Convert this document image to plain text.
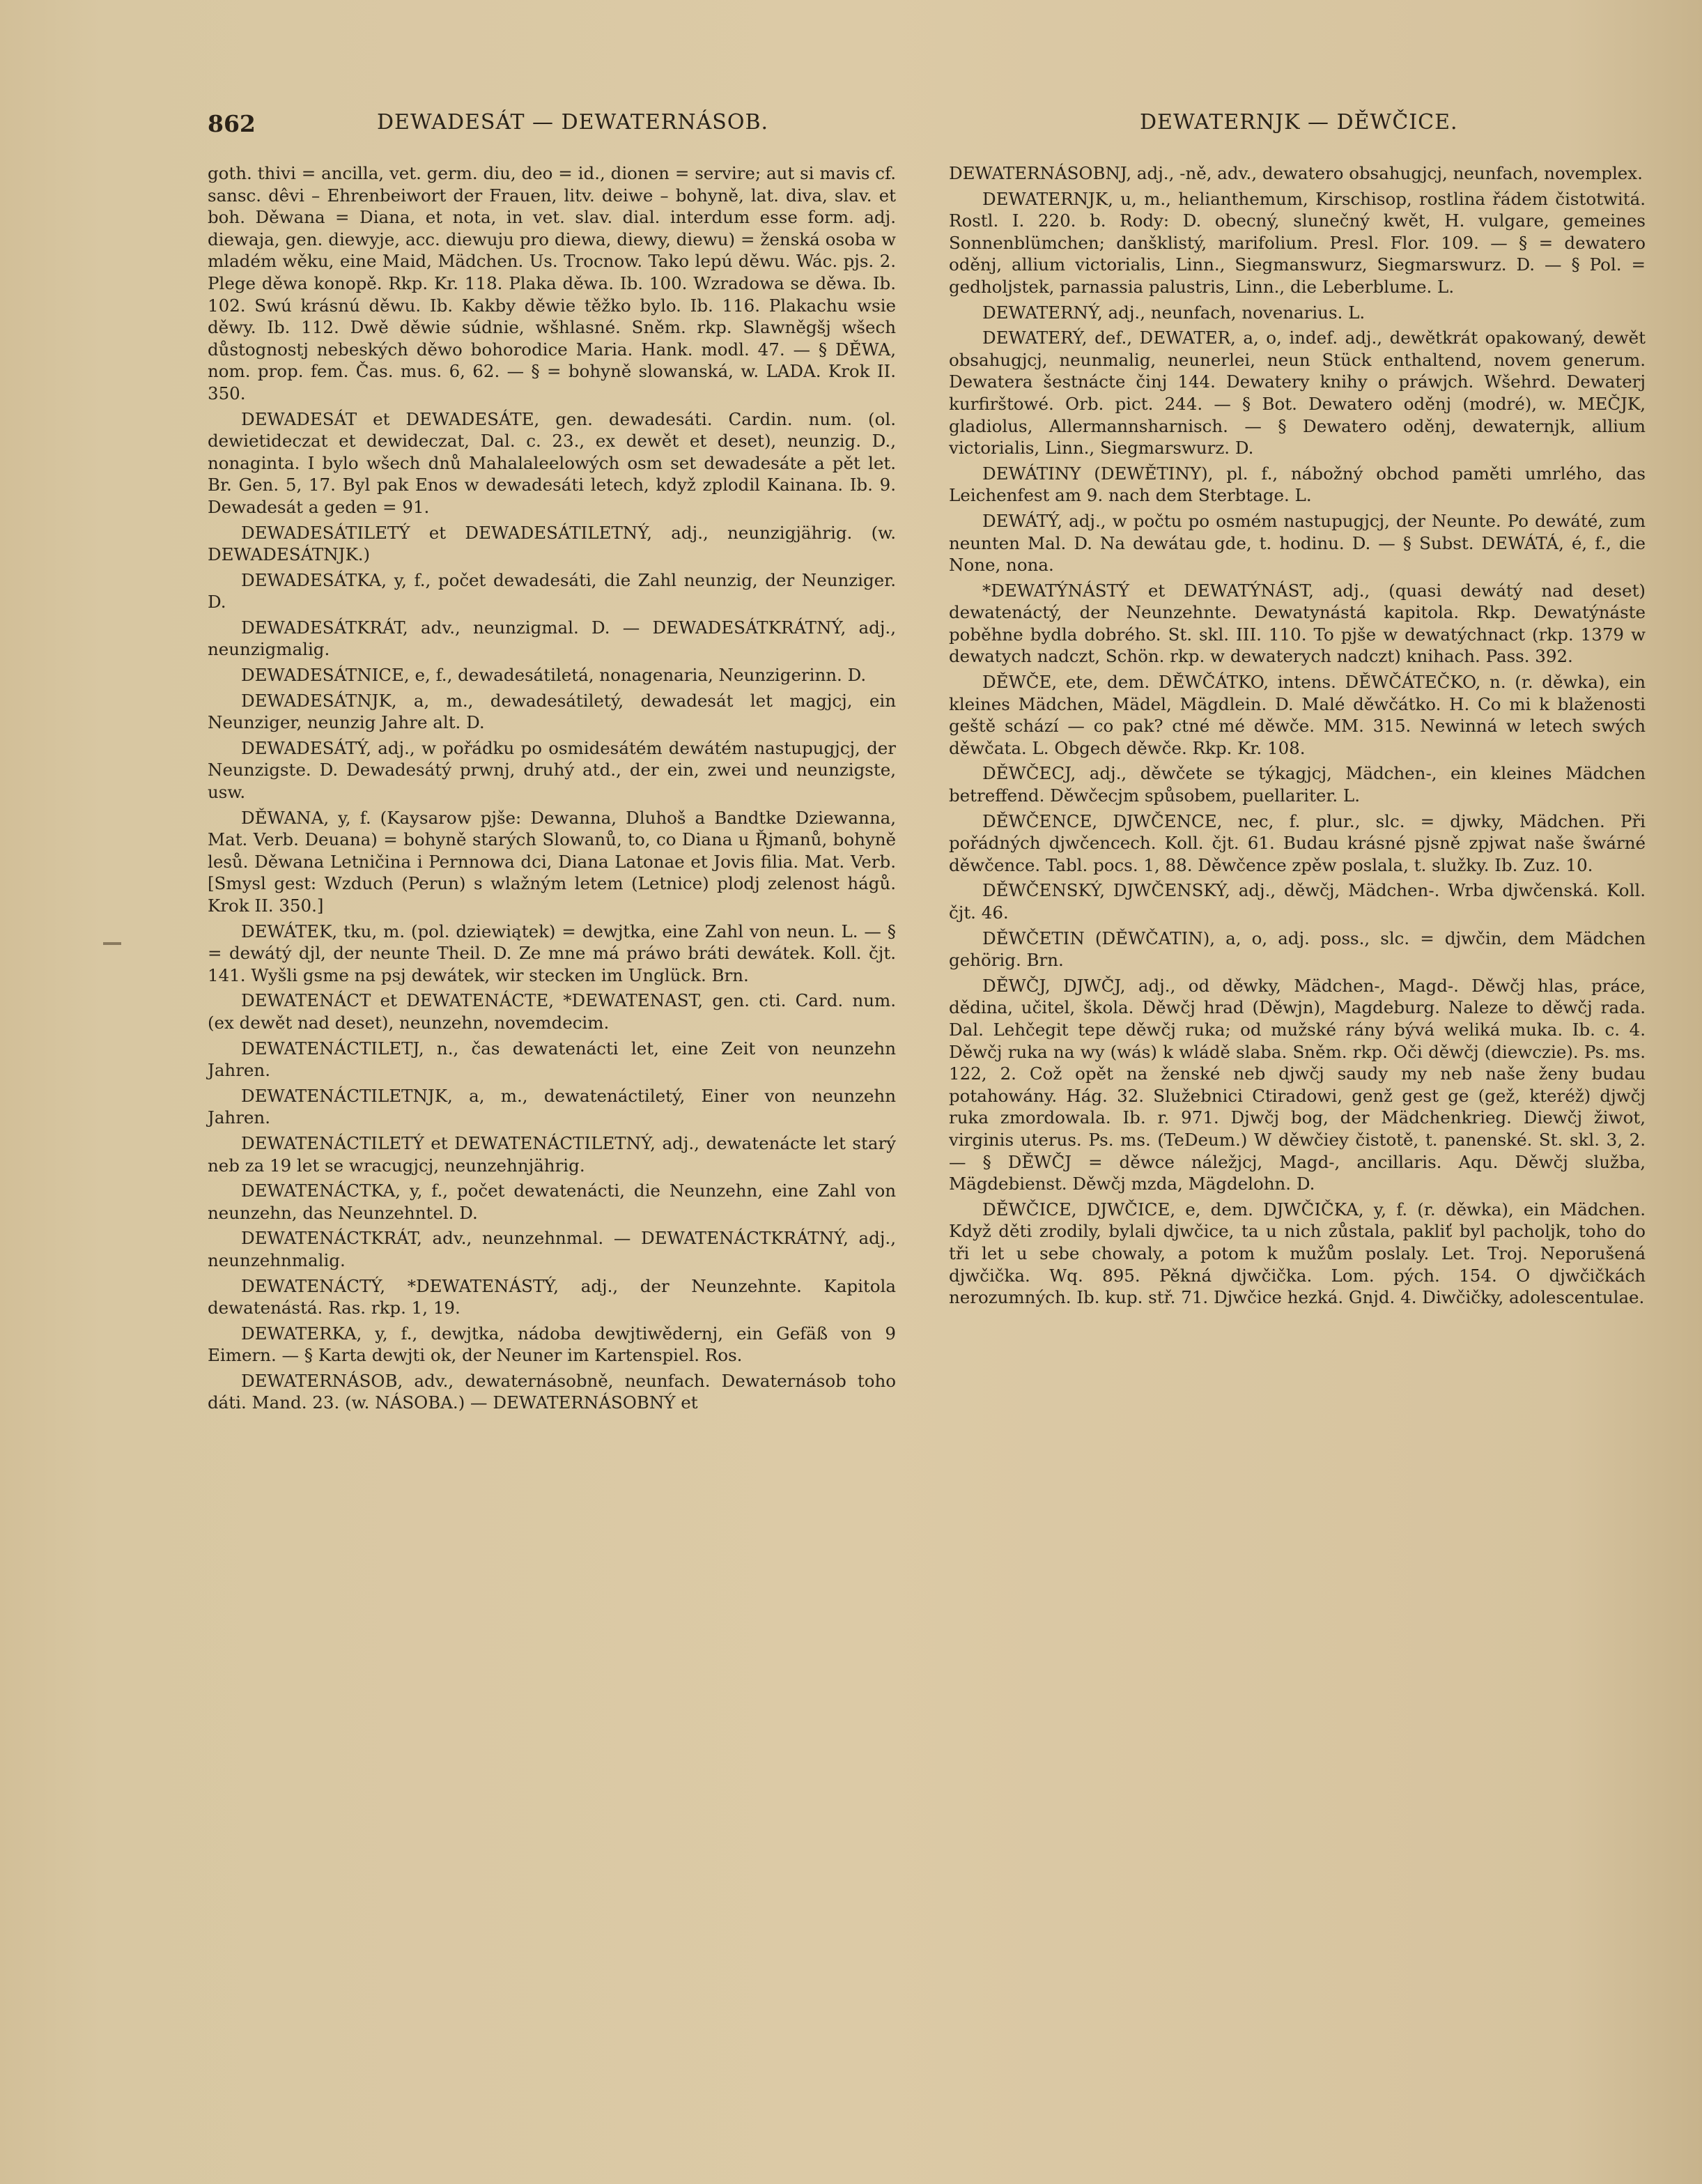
862	DEWADESÁT — DEWATERNÁSOB.	DEWATERNJK — DĚWČICE.

goth. thivi = ancilla, vet. germ. diu, deo = id., dionen = servire; aut si mavis cf. sansc. dêvi – Ehrenbeiwort der Frauen, litv. deiwe – bohyně, lat. diva, slav. et boh. Děwana = Diana, et nota, in vet. slav. dial. interdum esse form. adj. diewaja, gen. diewyje, acc. diewuju pro diewa, diewy, diewu) = ženská osoba w mladém wěku, eine Maid, Mädchen. Us. Trocnow. Tako lepú děwu. Wác. pjs. 2. Plege děwa konopě. Rkp. Kr. 118. Plaka děwa. Ib. 100. Wzradowa se děwa. Ib. 102. Swú krásnú děwu. Ib. Kakby děwie těžko bylo. Ib. 116. Plakachu wsie děwy. Ib. 112. Dwě děwie súdnie, wšhlasné. Sněm. rkp. Slawněgšj wšech důstognostj nebeských děwo bohorodice Maria. Hank. modl. 47. — § DĚWA, nom. prop. fem. Čas. mus. 6, 62. — § = bohyně slowanská, w. LADA. Krok II. 350.

DEWADESÁT et DEWADESÁTE, gen. dewadesáti. Cardin. num. (ol. dewietideczat et dewideczat, Dal. c. 23., ex dewět et deset), neunzig. D., nonaginta. I bylo wšech dnů Mahalaleelowých osm set dewadesáte a pět let. Br. Gen. 5, 17. Byl pak Enos w dewadesáti letech, když zplodil Kainana. Ib. 9. Dewadesát a geden = 91.

DEWADESÁTILETÝ et DEWADESÁTILETNÝ, adj., neunzigjährig. (w. DEWADESÁTNJK.)

DEWADESÁTKA, y, f., počet dewadesáti, die Zahl neunzig, der Neunziger. D.

DEWADESÁTKRÁT, adv., neunzigmal. D. — DEWADESÁTKRÁTNÝ, adj., neunzigmalig.

DEWADESÁTNICE, e, f., dewadesátiletá, nonagenaria, Neunzigerinn. D.

DEWADESÁTNJK, a, m., dewadesátiletý, dewadesát let magjcj, ein Neunziger, neunzig Jahre alt. D.

DEWADESÁTÝ, adj., w pořádku po osmidesátém dewátém nastupugjcj, der Neunzigste. D. Dewadesátý prwnj, druhý atd., der ein, zwei und neunzigste, usw.

DĚWANA, y, f. (Kaysarow pjše: Dewanna, Dluhoš a Bandtke Dziewanna, Mat. Verb. Deuana) = bohyně starých Slowanů, to, co Diana u Řjmanů, bohyně lesů. Děwana Letničina i Pernnowa dci, Diana Latonae et Jovis filia. Mat. Verb. [Smysl gest: Wzduch (Perun) s wlažným letem (Letnice) plodj zelenost hágů. Krok II. 350.]

DEWÁTEK, tku, m. (pol. dziewiątek) = dewjtka, eine Zahl von neun. L. — § = dewátý djl, der neunte Theil. D. Ze mne má práwo bráti dewátek. Koll. čjt. 141. Wyšli gsme na psj dewátek, wir stecken im Unglück. Brn.

DEWATENÁCT et DEWATENÁCTE, *DEWATENAST, gen. cti. Card. num. (ex dewět nad deset), neunzehn, novemdecim.

DEWATENÁCTILETJ, n., čas dewatenácti let, eine Zeit von neunzehn Jahren.

DEWATENÁCTILETNJK, a, m., dewatenáctiletý, Einer von neunzehn Jahren.

DEWATENÁCTILETÝ et DEWATENÁCTILETNÝ, adj., dewatenácte let starý neb za 19 let se wracugjcj, neunzehnjährig.

DEWATENÁCTKA, y, f., počet dewatenácti, die Neunzehn, eine Zahl von neunzehn, das Neunzehntel. D.

DEWATENÁCTKRÁT, adv., neunzehnmal. — DEWATENÁCTKRÁTNÝ, adj., neunzehnmalig.

DEWATENÁCTÝ, *DEWATENÁSTÝ, adj., der Neunzehnte. Kapitola dewatenástá. Ras. rkp. 1, 19.

DEWATERKA, y, f., dewjtka, nádoba dewjtiwědernj, ein Gefäß von 9 Eimern. — § Karta dewjti ok, der Neuner im Kartenspiel. Ros.

DEWATERNÁSOB, adv., dewaternásobně, neunfach. Dewaternásob toho dáti. Mand. 23. (w. NÁSOBA.) — DEWATERNÁSOBNÝ et

DEWATERNÁSOBNJ, adj., -ně, adv., dewatero obsahugjcj, neunfach, novemplex.

DEWATERNJK, u, m., helianthemum, Kirschisop, rostlina řádem čistotwitá. Rostl. I. 220. b. Rody: D. obecný, slunečný kwět, H. vulgare, gemeines Sonnenblümchen; danšklistý, marifolium. Presl. Flor. 109. — § = dewatero oděnj, allium victorialis, Linn., Siegmanswurz, Siegmarswurz. D. — § Pol. = gedholjstek, parnassia palustris, Linn., die Leberblume. L.

DEWATERNÝ, adj., neunfach, novenarius. L.

DEWATERÝ, def., DEWATER, a, o, indef. adj., dewětkrát opakowaný, dewět obsahugjcj, neunmalig, neunerlei, neun Stück enthaltend, novem generum. Dewatera šestnácte činj 144. Dewatery knihy o práwjch. Wšehrd. Dewaterj kurfirštowé. Orb. pict. 244. — § Bot. Dewatero oděnj (modré), w. MEČJK, gladiolus, Allermannsharnisch. — § Dewatero oděnj, dewaternjk, allium victorialis, Linn., Siegmarswurz. D.

DEWÁTINY (DEWĚTINY), pl. f., nábožný obchod paměti umrlého, das Leichenfest am 9. nach dem Sterbtage. L.

DEWÁTÝ, adj., w počtu po osmém nastupugjcj, der Neunte. Po dewáté, zum neunten Mal. D. Na dewátau gde, t. hodinu. D. — § Subst. DEWÁTÁ, é, f., die None, nona.

*DEWATÝNÁSTÝ et DEWATÝNÁST, adj., (quasi dewátý nad deset) dewatenáctý, der Neunzehnte. Dewatynástá kapitola. Rkp. Dewatýnáste poběhne bydla dobrého. St. skl. III. 110. To pjše w dewatýchnact (rkp. 1379 w dewatych nadczt, Schön. rkp. w dewaterych nadczt) knihach. Pass. 392.

DĚWČE, ete, dem. DĚWČÁTKO, intens. DĚWČÁTEČKO, n. (r. děwka), ein kleines Mädchen, Mädel, Mägdlein. D. Malé děwčátko. H. Co mi k blaženosti geště schází — co pak? ctné mé děwče. MM. 315. Newinná w letech swých děwčata. L. Obgech děwče. Rkp. Kr. 108.

DĚWČECJ, adj., děwčete se týkagjcj, Mädchen-, ein kleines Mädchen betreffend. Děwčecjm spůsobem, puellariter. L.

DĚWČENCE, DJWČENCE, nec, f. plur., slc. = djwky, Mädchen. Při pořádných djwčencech. Koll. čjt. 61. Budau krásné pjsně zpjwat naše šwárné děwčence. Tabl. pocs. 1, 88. Děwčence zpěw poslala, t. služky. Ib. Zuz. 10.

DĚWČENSKÝ, DJWČENSKÝ, adj., děwčj, Mädchen-. Wrba djwčenská. Koll. čjt. 46.

DĚWČETIN (DĚWČATIN), a, o, adj. poss., slc. = djwčin, dem Mädchen gehörig. Brn.

DĚWČJ, DJWČJ, adj., od děwky, Mädchen-, Magd-. Děwčj hlas, práce, dědina, učitel, škola. Děwčj hrad (Děwjn), Magdeburg. Naleze to děwčj rada. Dal. Lehčegit tepe děwčj ruka; od mužské rány bývá weliká muka. Ib. c. 4. Děwčj ruka na wy (wás) k wládě slaba. Sněm. rkp. Oči děwčj (diewczie). Ps. ms. 122, 2. Což opět na ženské neb djwčj saudy my neb naše ženy budau potahowány. Hág. 32. Služebnici Ctiradowi, genž gest ge (gež, kteréž) djwčj ruka zmordowala. Ib. r. 971. Djwčj bog, der Mädchenkrieg. Diewčj žiwot, virginis uterus. Ps. ms. (TeDeum.) W děwčiey čistotě, t. panenské. St. skl. 3, 2. — § DĚWČJ = děwce náležjcj, Magd-, ancillaris. Aqu. Děwčj služba, Mägdebienst. Děwčj mzda, Mägdelohn. D.

DĚWČICE, DJWČICE, e, dem. DJWČIČKA, y, f. (r. děwka), ein Mädchen. Když děti zrodily, bylali djwčice, ta u nich zůstala, pakliť byl pacholjk, toho do tři let u sebe chowaly, a potom k mužům poslaly. Let. Troj. Neporušená djwčička. Wq. 895. Pěkná djwčička. Lom. pých. 154. O djwčičkách nerozumných. Ib. kup. stř. 71. Djwčice hezká. Gnjd. 4. Diwčičky, adolescentulae.
